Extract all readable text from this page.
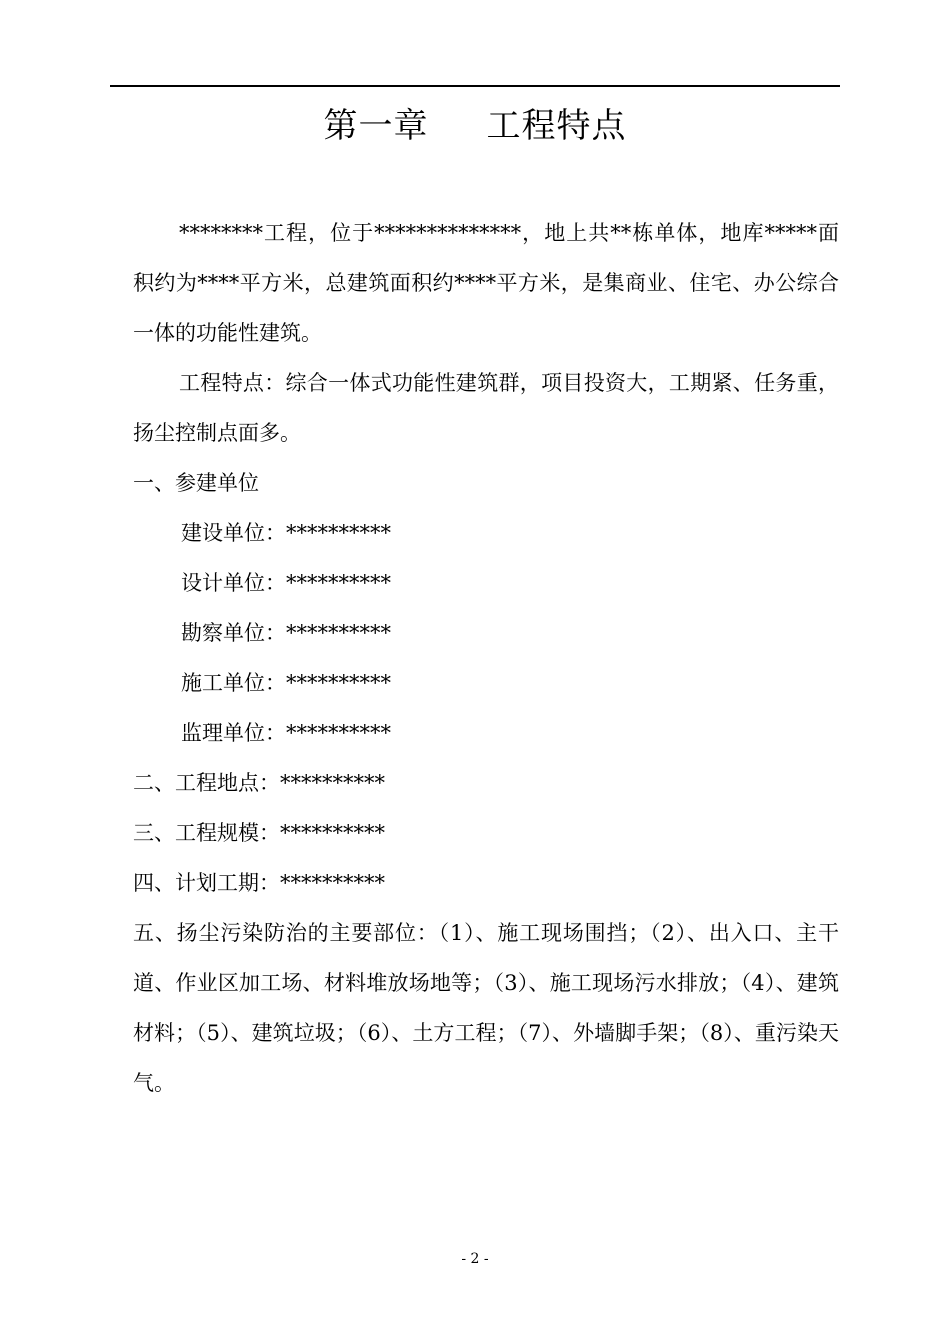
第一章 工程特点

********工程，位于**************，地上共**栋单体，地库*****面积约为****平方米，总建筑面积约****平方米，是集商业、住宅、办公综合一体的功能性建筑。

工程特点：综合一体式功能性建筑群，项目投资大，工期紧、任务重，扬尘控制点面多。

一、参建单位

建设单位：**********

设计单位：**********

勘察单位：**********

施工单位：**********

监理单位：**********

二、工程地点：**********

三、工程规模：**********

四、计划工期：**********

五、扬尘污染防治的主要部位：（1）、施工现场围挡；（2）、出入口、主干道、作业区加工场、材料堆放场地等；（3）、施工现场污水排放；（4）、建筑材料；（5）、建筑垃圾；（6）、土方工程；（7）、外墙脚手架；（8）、重污染天气。

- 2 -
